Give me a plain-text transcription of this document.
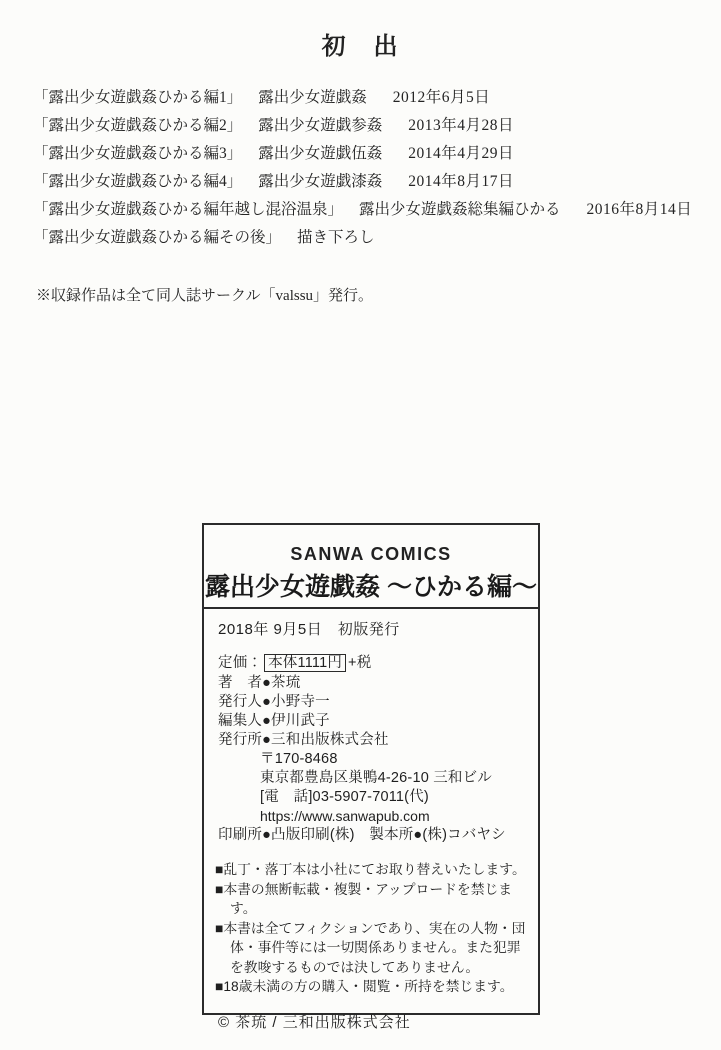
初　出
「露出少女遊戯姦ひかる編1」 露出少女遊戯姦 2012年6月5日
「露出少女遊戯姦ひかる編2」 露出少女遊戯参姦 2013年4月28日
「露出少女遊戯姦ひかる編3」 露出少女遊戯伍姦 2014年4月29日
「露出少女遊戯姦ひかる編4」 露出少女遊戯漆姦 2014年8月17日
「露出少女遊戯姦ひかる編年越し混浴温泉」 露出少女遊戯姦総集編ひかる 2016年8月14日
「露出少女遊戯姦ひかる編その後」 描き下ろし
※収録作品は全て同人誌サークル「valssu」発行。
SANWA COMICS
露出少女遊戯姦 ～ひかる編～
2018年 9月5日　初版発行
定価： 本体1111円 +税
著　者●茶琉
発行人●小野寺一
編集人●伊川武子
発行所●三和出版株式会社
〒170-8468
東京都豊島区巣鴨4-26-10 三和ビル
[電　話]03-5907-7011(代)
https://www.sanwapub.com
印刷所●凸版印刷(株)　製本所●(株)コバヤシ

■乱丁・落丁本は小社にてお取り替えいたします。

■本書の無断転載・複製・アップロードを禁じます。

■本書は全てフィクションであり、実在の人物・団体・事件等には一切関係ありません。また犯罪を教唆するものでは決してありません。

■18歳未満の方の購入・閲覧・所持を禁じます。

© 茶琉 / 三和出版株式会社
